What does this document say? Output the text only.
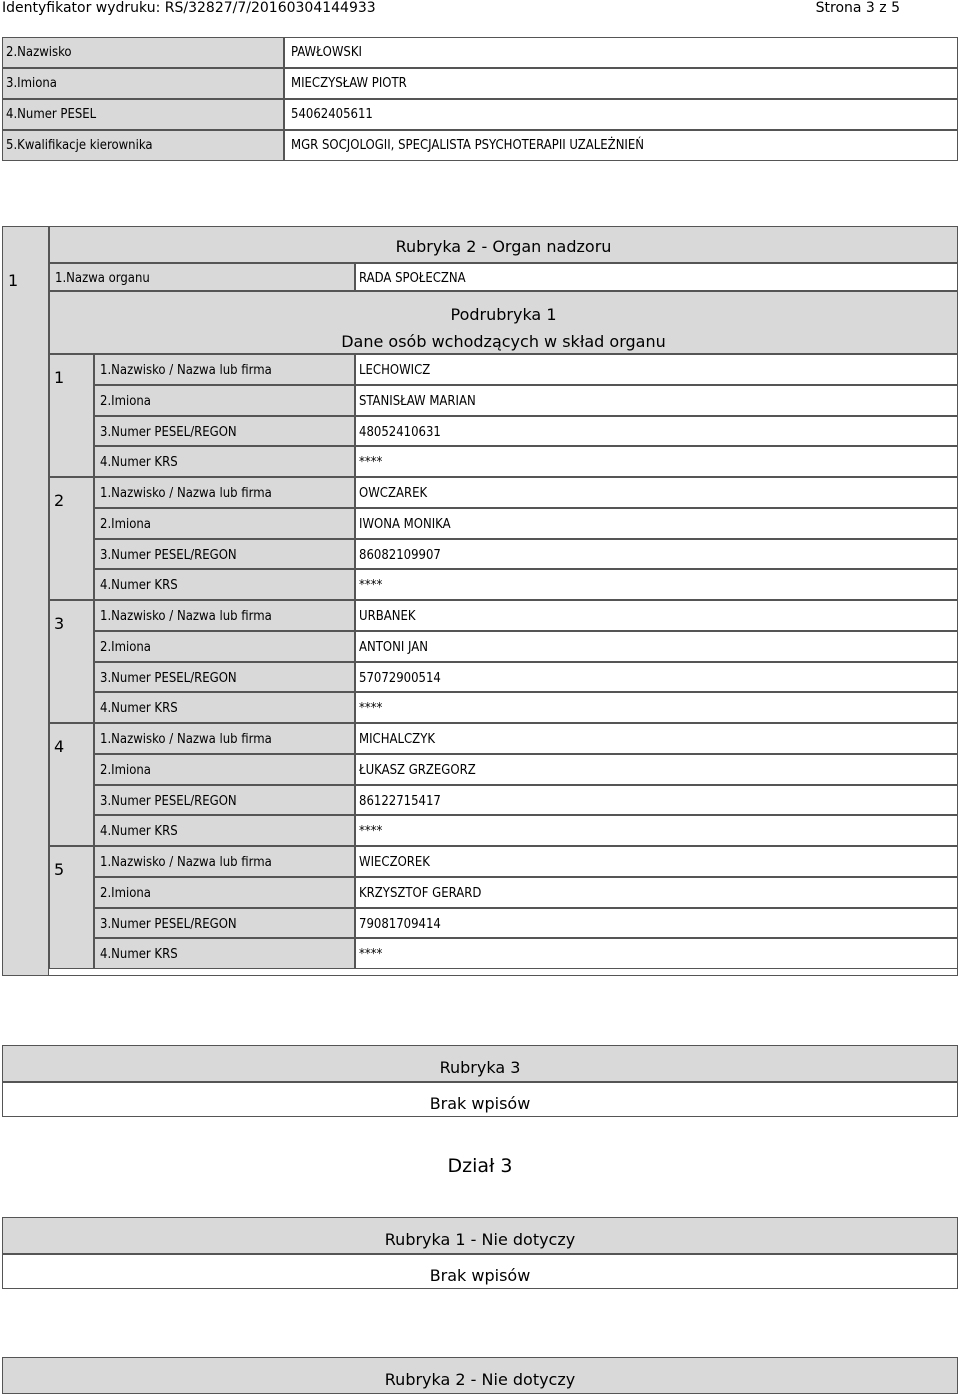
Identyfikator wydruku: RS/32827/7/20160304144933	Strona 3 z 5
2.Nazwisko	PAWŁOWSKI
3.Imiona	MIECZYSŁAW PIOTR
4.Numer PESEL	54062405611
5.Kwalifikacje kierownika	MGR SOCJOLOGII, SPECJALISTA PSYCHOTERAPII UZALEŻNIEŃ
Rubryka 2 - Organ nadzoru
1	1.Nazwa organu	RADA SPOŁECZNA
Podrubryka 1
Dane osób wchodzących w skład organu
1	1.Nazwisko / Nazwa lub firma	LECHOWICZ
2.Imiona	STANISŁAW MARIAN
3.Numer PESEL/REGON	48052410631
4.Numer KRS	****
2	1.Nazwisko / Nazwa lub firma	OWCZAREK
2.Imiona	IWONA MONIKA
3.Numer PESEL/REGON	86082109907
4.Numer KRS	****
3	1.Nazwisko / Nazwa lub firma	URBANEK
2.Imiona	ANTONI JAN
3.Numer PESEL/REGON	57072900514
4.Numer KRS	****
4	1.Nazwisko / Nazwa lub firma	MICHALCZYK
2.Imiona	ŁUKASZ GRZEGORZ
3.Numer PESEL/REGON	86122715417
4.Numer KRS	****
5	1.Nazwisko / Nazwa lub firma	WIECZOREK
2.Imiona	KRZYSZTOF GERARD
3.Numer PESEL/REGON	79081709414
4.Numer KRS	****
Rubryka 3
Brak wpisów
Dział 3
Rubryka 1 - Nie dotyczy
Brak wpisów
Rubryka 2 - Nie dotyczy
